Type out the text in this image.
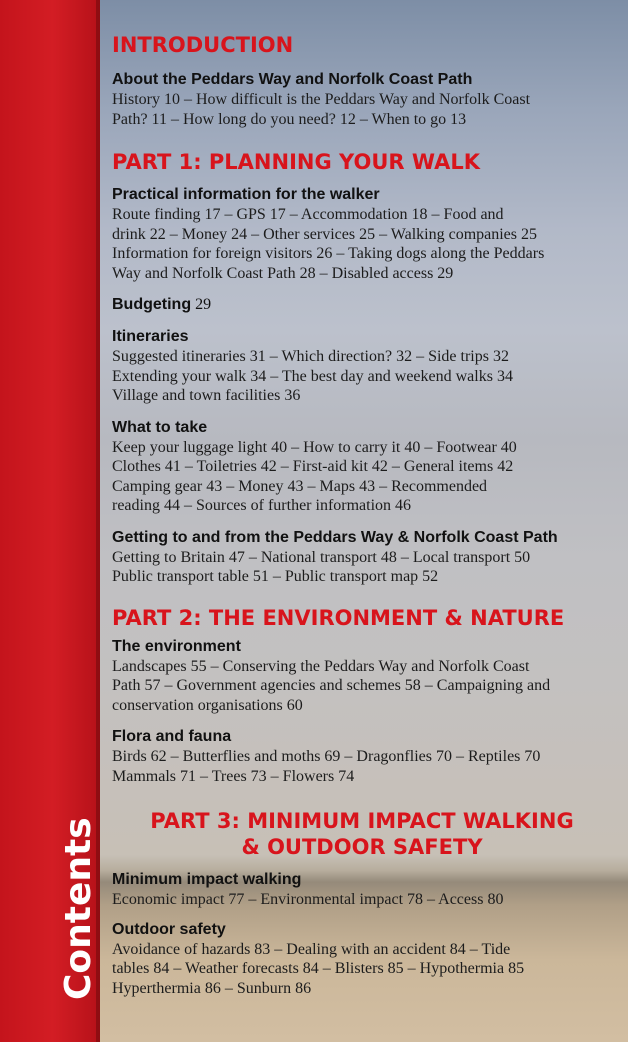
Contents
INTRODUCTION
About the Peddars Way and Norfolk Coast Path

History 10 – How difficult is the Peddars Way and Norfolk Coast
Path? 11 – How long do you need? 12 – When to go 13

PART 1: PLANNING YOUR WALK
Practical information for the walker

Route finding 17 – GPS 17 – Accommodation 18 – Food and
drink 22 – Money 24 – Other services 25 – Walking companies 25
Information for foreign visitors 26 – Taking dogs along the Peddars
Way and Norfolk Coast Path 28 – Disabled access 29

Budgeting 29
Itineraries

Suggested itineraries 31 – Which direction? 32 – Side trips 32
Extending your walk 34 – The best day and weekend walks 34
Village and town facilities 36

What to take

Keep your luggage light 40 – How to carry it 40 – Footwear 40
Clothes 41 – Toiletries 42 – First-aid kit 42 – General items 42
Camping gear 43 – Money 43 – Maps 43 – Recommended
reading 44 – Sources of further information 46

Getting to and from the Peddars Way & Norfolk Coast Path

Getting to Britain 47 – National transport 48 – Local transport 50
Public transport table 51 – Public transport map 52

PART 2: THE ENVIRONMENT & NATURE
The environment

Landscapes 55 – Conserving the Peddars Way and Norfolk Coast
Path 57 – Government agencies and schemes 58 – Campaigning and
conservation organisations 60

Flora and fauna

Birds 62 – Butterflies and moths 69 – Dragonflies 70 – Reptiles 70
Mammals 71 – Trees 73 – Flowers 74

PART 3: MINIMUM IMPACT WALKING
& OUTDOOR SAFETY
Minimum impact walking

Economic impact 77 – Environmental impact 78 – Access 80

Outdoor safety

Avoidance of hazards 83 – Dealing with an accident 84 – Tide
tables 84 – Weather forecasts 84 – Blisters 85 – Hypothermia 85
Hyperthermia 86 – Sunburn 86
